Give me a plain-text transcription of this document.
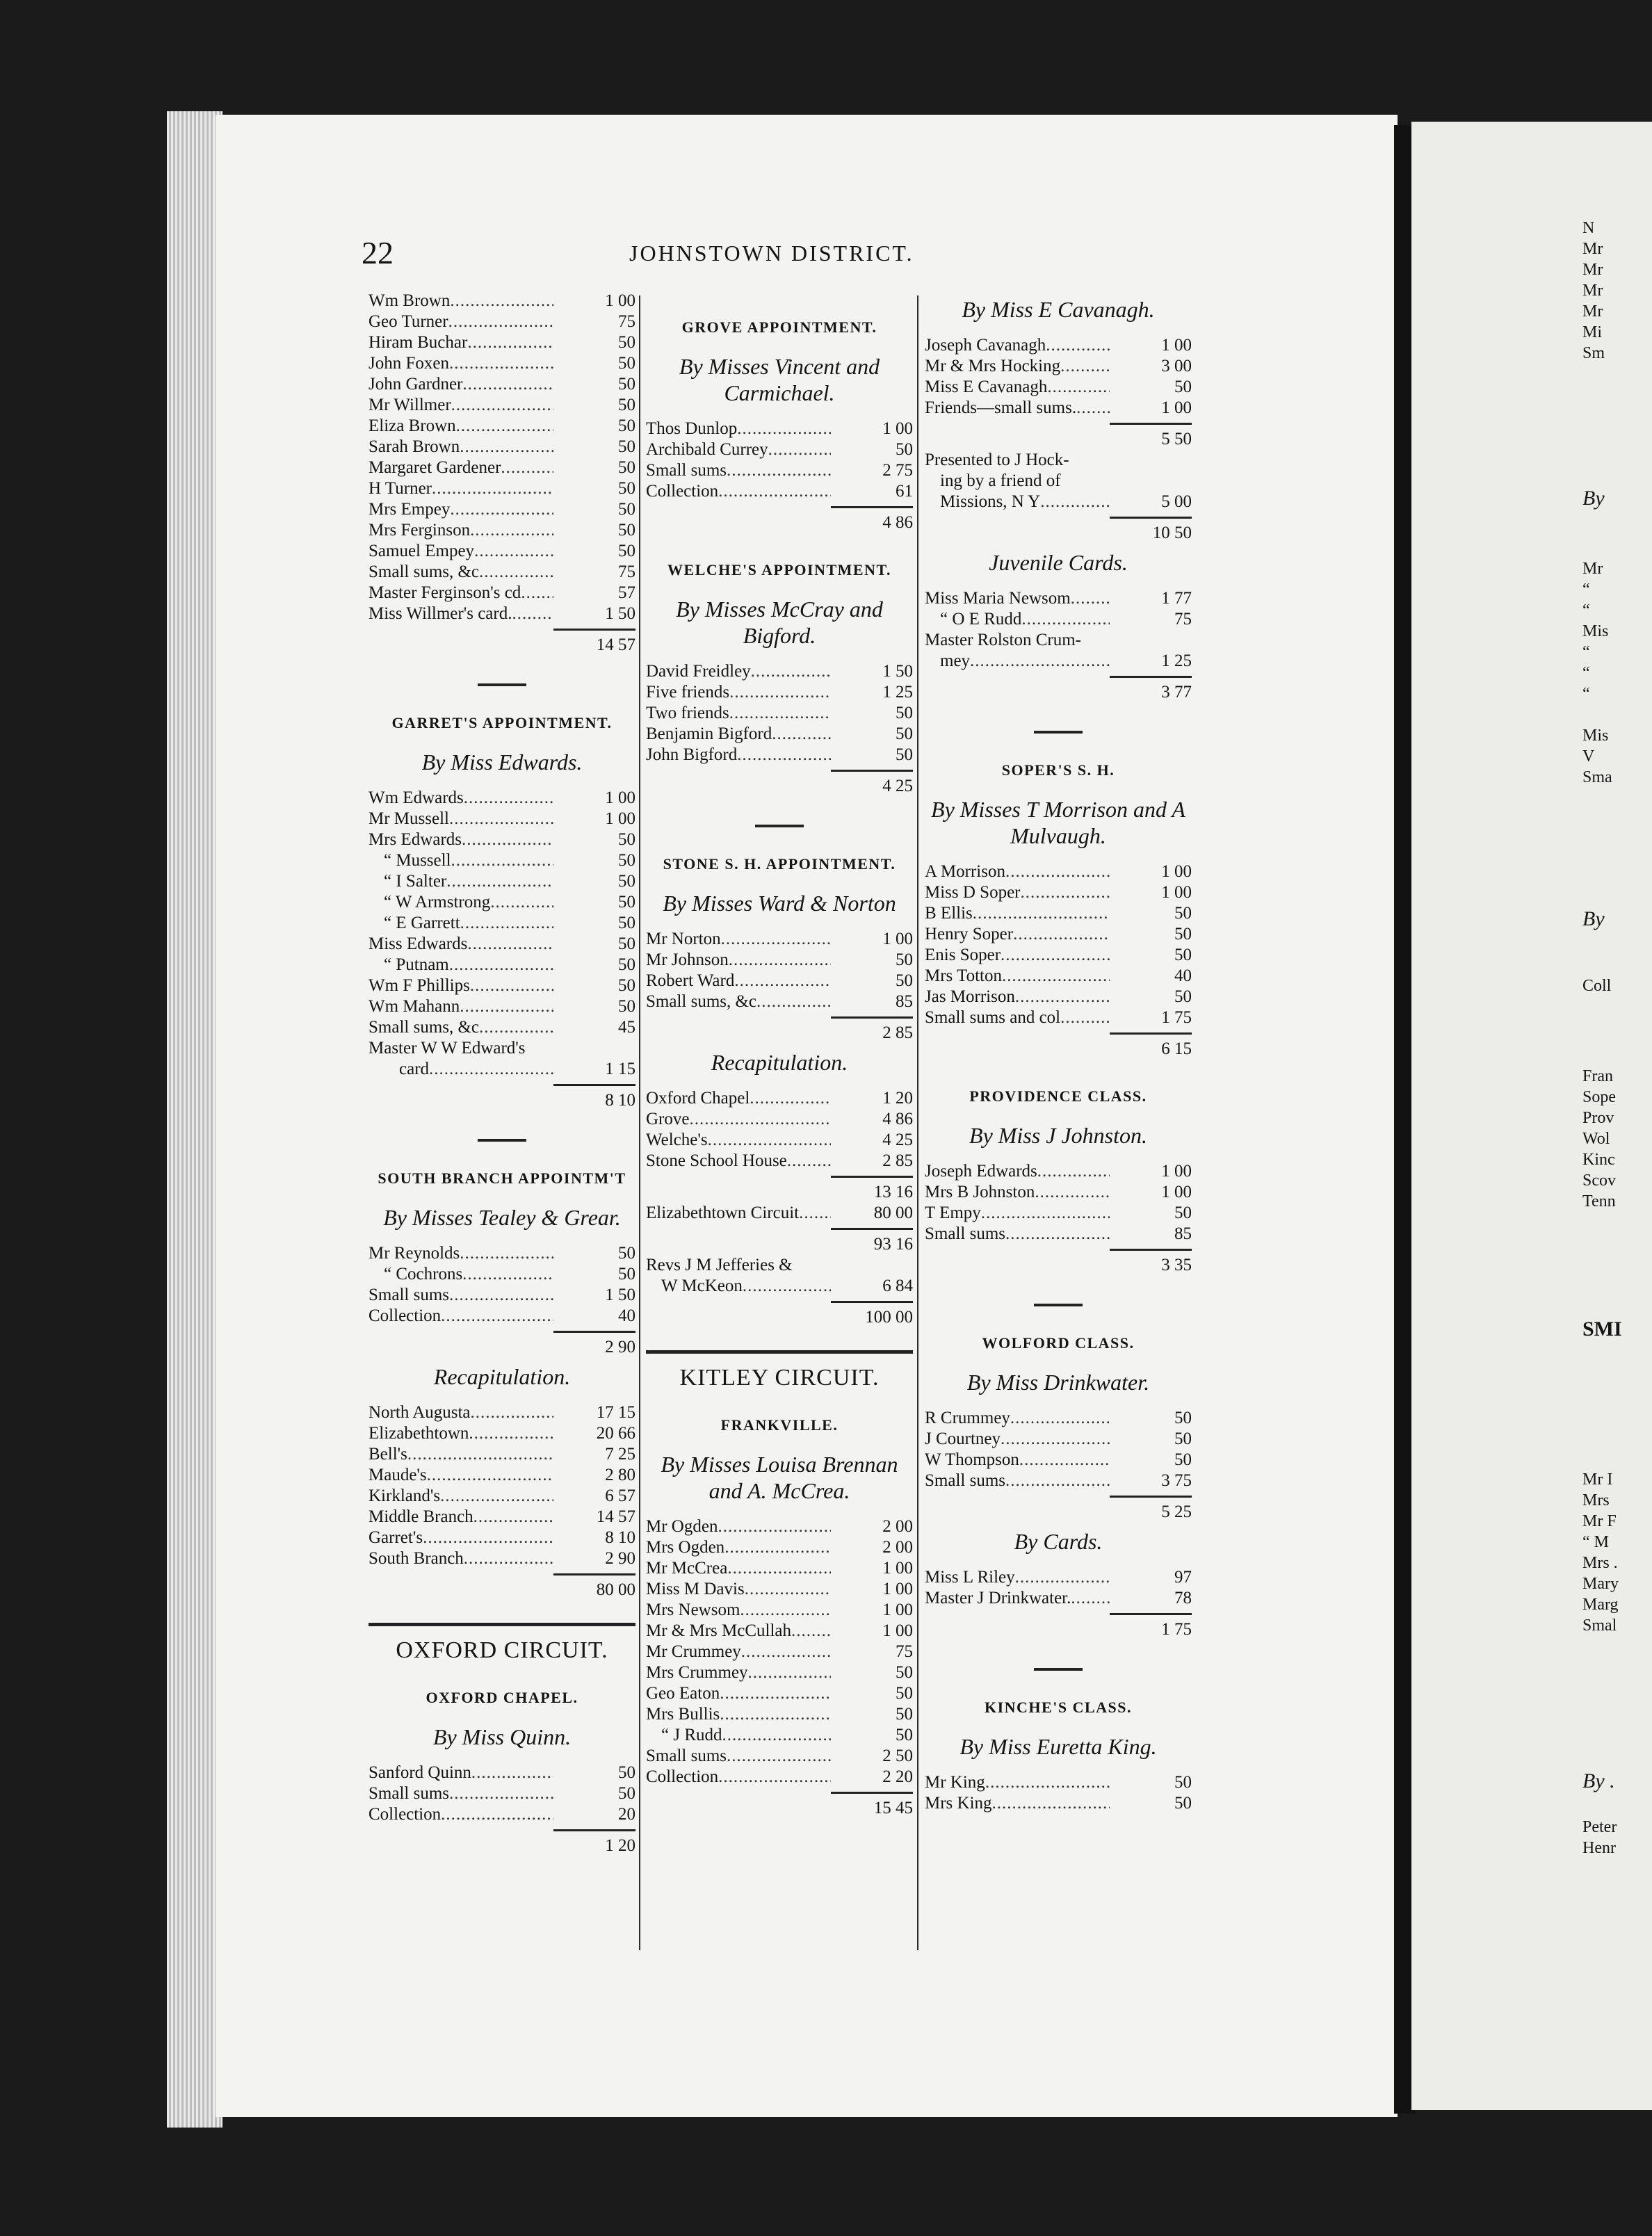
N
Mr
Mr
Mr
Mr
Mi
Sm
By
Mr
“
“
Mis
“
“
“
Mis
V
Sma
By
Coll
Fran
Sope
Prov
Wol
Kinc
Scov
Tenn
SMI
Mr I
Mrs
Mr F
“ M
Mrs .
Mary
Marg
Smal
By .
Peter
Henr
22	JOHNSTOWN DISTRICT.
Wm Brown .....	1 00
Geo Turner .....	75
Hiram Buchar .....	50
John Foxen .....	50
John Gardner .....	50
Mr Willmer .....	50
Eliza Brown .....	50
Sarah Brown .....	50
Margaret Gardener .....	50
H Turner .....	50
Mrs Empey .....	50
Mrs Ferginson .....	50
Samuel Empey .....	50
Small sums, &c .....	75
Master Ferginson's cd .....	57
Miss Willmer's card. .....	1 50
14 57
GARRET'S APPOINTMENT.
By Miss Edwards.
Wm Edwards .....	1 00
Mr Mussell .....	1 00
Mrs Edwards .....	50
“ Mussell .....	50
“ I Salter .....	50
“ W Armstrong .....	50
“ E Garrett .....	50
Miss Edwards .....	50
“ Putnam .....	50
Wm F Phillips .....	50
Wm Mahann .....	50
Small sums, &c .....	45
Master W W Edward's
card .....	1 15
8 10
SOUTH BRANCH APPOINTM'T
By Misses Tealey & Grear.
Mr Reynolds .....	50
“ Cochrons .....	50
Small sums .....	1 50
Collection .....	40
2 90
Recapitulation.
North Augusta .....	17 15
Elizabethtown .....	20 66
Bell's .....	7 25
Maude's .....	2 80
Kirkland's .....	6 57
Middle Branch .....	14 57
Garret's .....	8 10
South Branch .....	2 90
80 00
OXFORD CIRCUIT.
OXFORD CHAPEL.
By Miss Quinn.
Sanford Quinn .....	50
Small sums .....	50
Collection .....	20
1 20
GROVE APPOINTMENT.
By Misses Vincent and Carmichael.
Thos Dunlop .....	1 00
Archibald Currey .....	50
Small sums .....	2 75
Collection .....	61
4 86
WELCHE'S APPOINTMENT.
By Misses McCray and Bigford.
David Freidley .....	1 50
Five friends .....	1 25
Two friends .....	50
Benjamin Bigford .....	50
John Bigford .....	50
4 25
STONE S. H. APPOINTMENT.
By Misses Ward & Norton
Mr Norton .....	1 00
Mr Johnson .....	50
Robert Ward .....	50
Small sums, &c .....	85
2 85
Recapitulation.
Oxford Chapel .....	1 20
Grove .....	4 86
Welche's .....	4 25
Stone School House .....	2 85
13 16
Elizabethtown Circuit .....	80 00
93 16
Revs J M Jefferies &
W McKeon .....	6 84
100 00
KITLEY CIRCUIT.
FRANKVILLE.
By Misses Louisa Brennan and A. McCrea.
Mr Ogden .....	2 00
Mrs Ogden .....	2 00
Mr McCrea .....	1 00
Miss M Davis .....	1 00
Mrs Newsom .....	1 00
Mr & Mrs McCullah .....	1 00
Mr Crummey .....	75
Mrs Crummey .....	50
Geo Eaton .....	50
Mrs Bullis .....	50
“ J Rudd .....	50
Small sums .....	2 50
Collection .....	2 20
15 45
By Miss E Cavanagh.
Joseph Cavanagh .....	1 00
Mr & Mrs Hocking .....	3 00
Miss E Cavanagh .....	50
Friends—small sums. .....	1 00
5 50
Presented to J Hock-
ing by a friend of
Missions, N Y .....	5 00
10 50
Juvenile Cards.
Miss Maria Newsom .....	1 77
“ O E Rudd .....	75
Master Rolston Crum-
mey .....	1 25
3 77
SOPER'S S. H.
By Misses T Morrison and A Mulvaugh.
A Morrison .....	1 00
Miss D Soper .....	1 00
B Ellis .....	50
Henry Soper .....	50
Enis Soper .....	50
Mrs Totton .....	40
Jas Morrison .....	50
Small sums and col .....	1 75
6 15
PROVIDENCE CLASS.
By Miss J Johnston.
Joseph Edwards .....	1 00
Mrs B Johnston .....	1 00
T Empy .....	50
Small sums .....	85
3 35
WOLFORD CLASS.
By Miss Drinkwater.
R Crummey .....	50
J Courtney .....	50
W Thompson .....	50
Small sums .....	3 75
5 25
By Cards.
Miss L Riley .....	97
Master J Drinkwater. .....	78
1 75
KINCHE'S CLASS.
By Miss Euretta King.
Mr King .....	50
Mrs King .....	50
